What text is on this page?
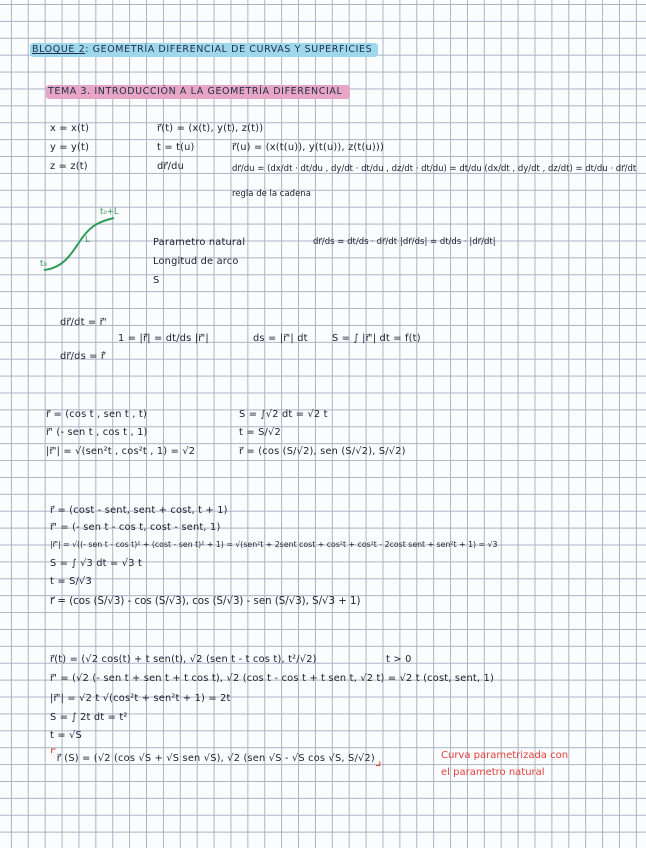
BLOQUE 2: GEOMETRÍA DIFERENCIAL DE CURVAS Y SUPERFICIES
TEMA 3. INTRODUCCIÓN A LA GEOMETRÍA DIFERENCIAL
x = x(t)
y = y(t)
z = z(t)
r⃗(t) = (x(t), y(t), z(t))
t = t(u)
dr⃗/du
r⃗(u) = (x(t(u)), y(t(u)), z(t(u)))
dr⃗/du = (dx/dt · dt/du , dy/dt · dt/du , dz/dt · dt/du) = dt/du (dx/dt , dy/dt , dz/dt) = dt/du · dr⃗/dt
regla de la cadena
t₀
t₀+L
L	Parametro natural
Longitud de arco
S
dr⃗/ds = dt/ds · dr⃗/dt |dr⃗/ds| = dt/ds · |dr⃗/dt|
dr⃗/dt = r⃗'
dr⃗/ds = r⃗̇
1 = |r⃗̇| = dt/ds |r⃗'|	ds = |r⃗'| dt S = ∫ |r⃗'| dt = f(t)
r⃗ = (cos t , sen t , t)
r⃗' (- sen t , cos t , 1)
|r⃗'| = √(sen²t , cos²t , 1) = √2
S = ∫√2 dt = √2 t
t = S/√2
r⃗ = (cos (S/√2), sen (S/√2), S/√2)
r⃗ = (cost - sent, sent + cost, t + 1)
r⃗' = (- sen t - cos t, cost - sent, 1)
|r⃗'| = √((- sen t - cos t)² + (cost - sen t)² + 1) = √(sen²t + 2sent cost + cos²t + cos²t - 2cost sent + sen²t + 1) = √3
S = ∫ √3 dt = √3 t
t = S/√3
r⃗ = (cos (S/√3) - cos (S/√3), cos (S/√3) - sen (S/√3), S/√3 + 1)
r⃗(t) = (√2 cos(t) + t sen(t), √2 (sen t - t cos t), t²/√2)	t > 0
r⃗' = (√2 (- sen t + sen t + t cos t), √2 (cos t - cos t + t sen t, √2 t) = √2 t (cost, sent, 1)
|r⃗'| = √2 t √(cos²t + sen²t + 1) = 2t
S = ∫ 2t dt = t²
t = √S
⌜r⃗ (S) = (√2 (cos √S + √S sen √S), √2 (sen √S - √S cos √S, S/√2)⌟	Curva parametrizada con
el parametro natural
